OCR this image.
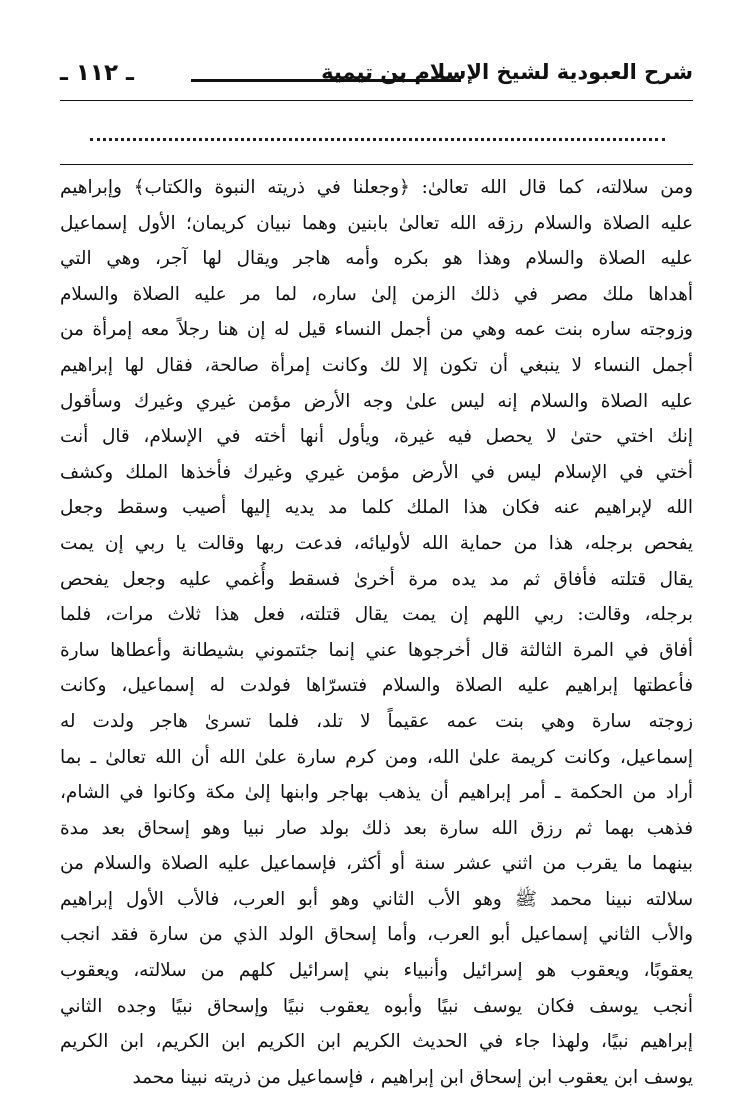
شرح العبودية لشيخ الإسلام بن تيمية
ـ ١١٢ ـ
ومن سلالته، كما قال الله تعالىٰ: ﴿وجعلنا في ذريته النبوة والكتاب﴾ وإبراهيم
عليه الصلاة والسلام رزقه الله تعالىٰ بابنين وهما نبيان كريمان؛ الأول إسماعيل
عليه الصلاة والسلام وهذا هو بكره وأمه هاجر ويقال لها آجر، وهي التي
أهداها ملك مصر في ذلك الزمن إلىٰ ساره، لما مر عليه الصلاة والسلام
وزوجته ساره بنت عمه وهي من أجمل النساء قيل له إن هنا رجلاً معه إمرأة من
أجمل النساء لا ينبغي أن تكون إلا لك وكانت إمرأة صالحة، فقال لها إبراهيم
عليه الصلاة والسلام إنه ليس علىٰ وجه الأرض مؤمن غيري وغيرك وسأقول
إنك اختي حتىٰ لا يحصل فيه غيرة، ويأول أنها أخته في الإسلام، قال أنت
أختي في الإسلام ليس في الأرض مؤمن غيري وغيرك فأخذها الملك وكشف
الله لإبراهيم عنه فكان هذا الملك كلما مد يديه إليها أصيب وسقط وجعل
يفحص برجله، هذا من حماية الله لأوليائه، فدعت ربها وقالت يا ربي إن يمت
يقال قتلته فأفاق ثم مد يده مرة أخرىٰ فسقط وأُغمي عليه وجعل يفحص
برجله، وقالت: ربي اللهم إن يمت يقال قتلته، فعل هذا ثلاث مرات، فلما
أفاق في المرة الثالثة قال أخرجوها عني إنما جئتموني بشيطانة وأعطاها سارة
فأعطتها إبراهيم عليه الصلاة والسلام فتسرّاها فولدت له إسماعيل، وكانت
زوجته سارة وهي بنت عمه عقيماً لا تلد، فلما تسرىٰ هاجر ولدت له
إسماعيل، وكانت كريمة علىٰ الله، ومن كرم سارة علىٰ الله أن الله تعالىٰ ـ بما
أراد من الحكمة ـ أمر إبراهيم أن يذهب بهاجر وابنها إلىٰ مكة وكانوا في الشام،
فذهب بهما ثم رزق الله سارة بعد ذلك بولد صار نبيا وهو إسحاق بعد مدة
بينهما ما يقرب من اثني عشر سنة أو أكثر، فإسماعيل عليه الصلاة والسلام من
سلالته نبينا محمد ﷺ وهو الأب الثاني وهو أبو العرب، فالأب الأول إبراهيم
والأب الثاني إسماعيل أبو العرب، وأما إسحاق الولد الذي من سارة فقد انجب
يعقوبًا، ويعقوب هو إسرائيل وأنبياء بني إسرائيل كلهم من سلالته، ويعقوب
أنجب يوسف فكان يوسف نبيًا وأبوه يعقوب نبيًا وإسحاق نبيًا وجده الثاني
إبراهيم نبيًا، ولهذا جاء في الحديث الكريم ابن الكريم ابن الكريم، ابن الكريم
يوسف ابن يعقوب ابن إسحاق ابن إبراهيم ، فإسماعيل من ذريته نبينا محمد
